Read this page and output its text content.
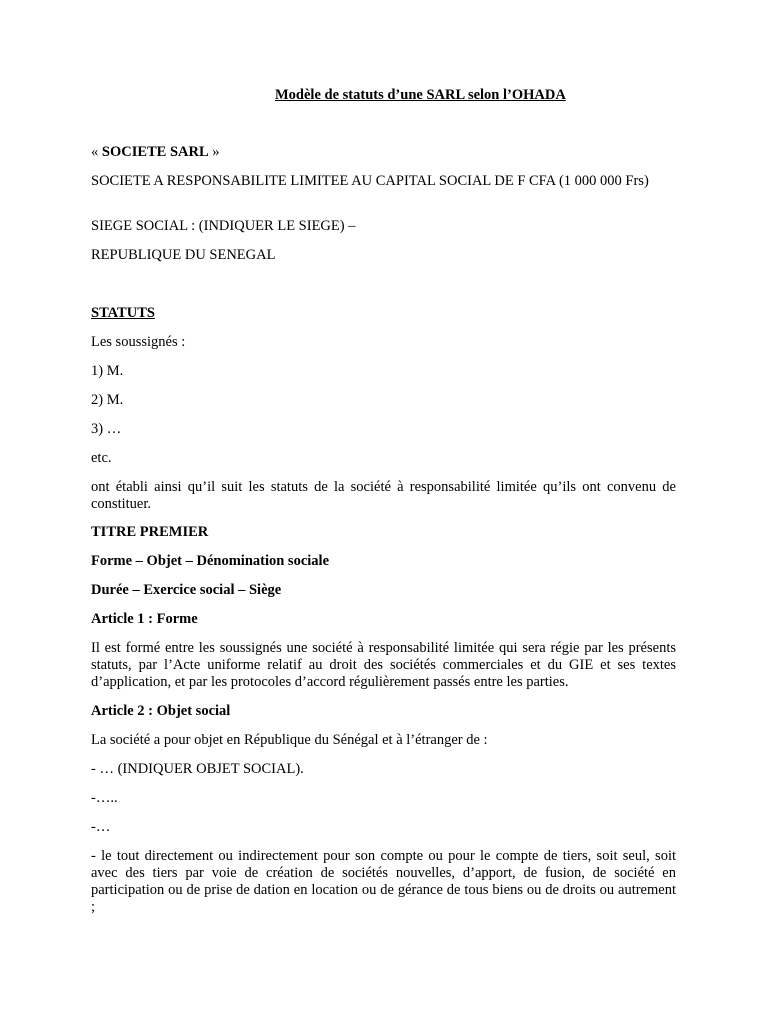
Modèle de statuts d’une SARL selon l’OHADA

« SOCIETE SARL »

SOCIETE A RESPONSABILITE LIMITEE AU CAPITAL SOCIAL DE F CFA (1 000 000 Frs)

SIEGE SOCIAL : (INDIQUER LE SIEGE) –

REPUBLIQUE DU SENEGAL

STATUTS

Les soussignés :

1) M.

2) M.

3) …

etc.

ont établi ainsi qu’il suit les statuts de la société à responsabilité limitée qu’ils ont convenu de constituer.

TITRE PREMIER

Forme – Objet – Dénomination sociale

Durée – Exercice social – Siège

Article 1 : Forme

Il est formé entre les soussignés une société à responsabilité limitée qui sera régie par les présents statuts, par l’Acte uniforme relatif au droit des sociétés commerciales et du GIE et ses textes d’application, et par les protocoles d’accord régulièrement passés entre les parties.

Article 2 : Objet social

La société a pour objet en République du Sénégal et à l’étranger de :

- … (INDIQUER OBJET SOCIAL).

-…..

-…

- le tout directement ou indirectement pour son compte ou pour le compte de tiers, soit seul, soit avec des tiers par voie de création de sociétés nouvelles, d’apport, de fusion, de société en participation ou de prise de dation en location ou de gérance de tous biens ou de droits ou autrement ;
